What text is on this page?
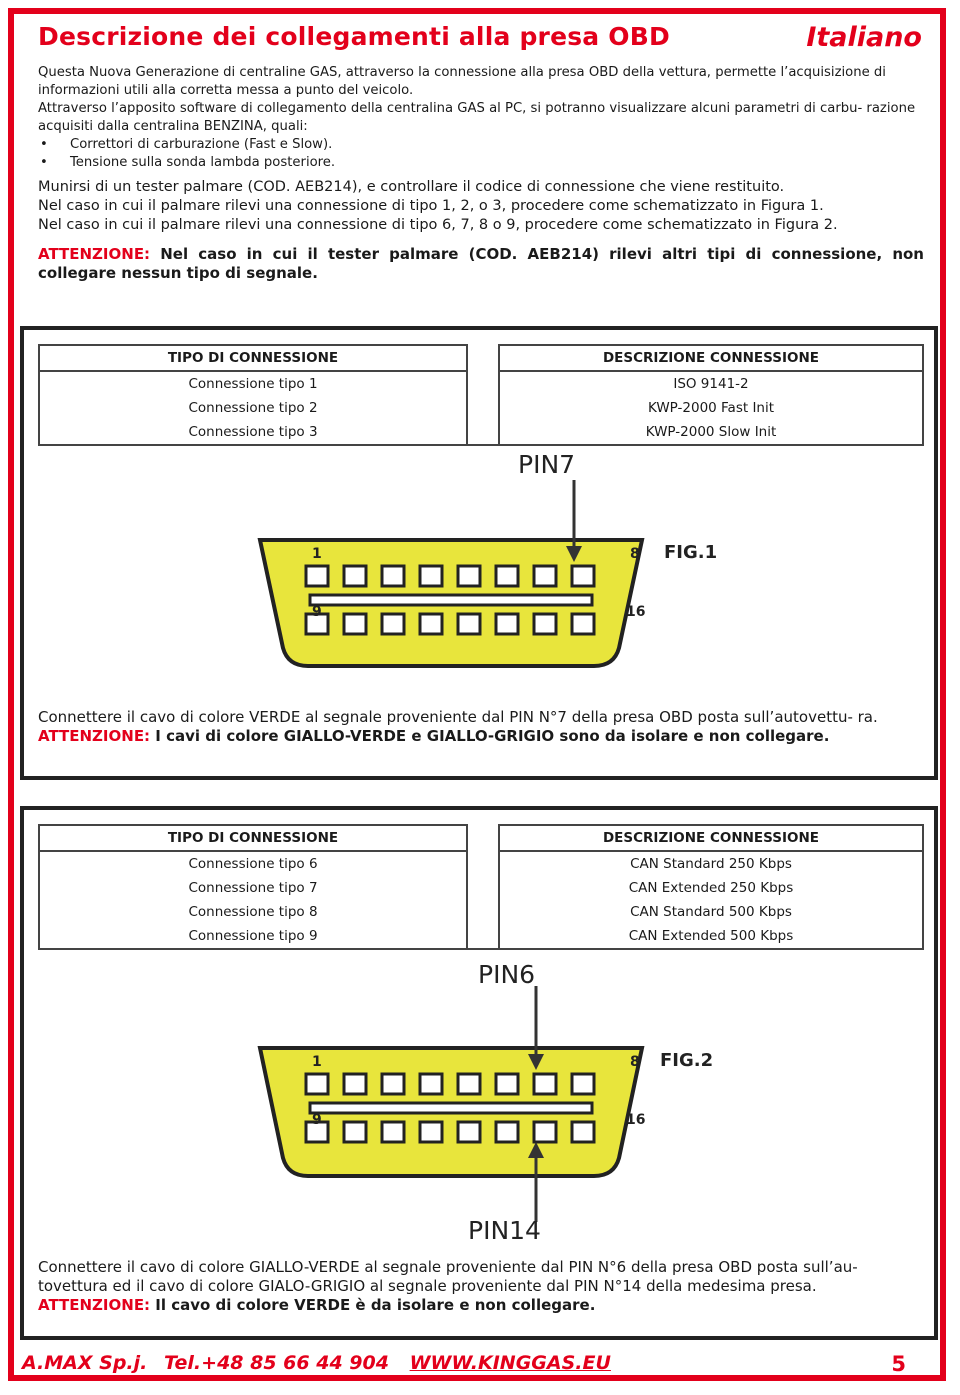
Descrizione dei collegamenti alla presa OBD	Italiano

Questa Nuova Generazione di centraline GAS, attraverso la connessione alla presa OBD della vettura, permette l’acquisizione di informazioni utili alla corretta messa a punto del veicolo.

Attraverso l’apposito software di collegamento della centralina GAS al PC, si potranno visualizzare alcuni parametri di carbu- razione acquisiti dalla centralina BENZINA, quali:

• Correttori di carburazione (Fast e Slow).
• Tensione sulla sonda lambda posteriore.

Munirsi di un tester palmare (COD. AEB214), e controllare il codice di connessione che viene restituito.

Nel caso in cui il palmare rilevi una connessione di tipo 1, 2, o 3, procedere come schematizzato in Figura 1.

Nel caso in cui il palmare rilevi una connessione di tipo 6, 7, 8 o 9, procedere come schematizzato in Figura 2.

ATTENZIONE: Nel caso in cui il tester palmare (COD. AEB214) rilevi altri tipi di connessione, non collegare nessun tipo di segnale.

TIPO DI CONNESSIONE		DESCRIZIONE CONNESSIONE
Connessione tipo 1		ISO 9141-2
Connessione tipo 2		KWP-2000 Fast Init
Connessione tipo 3		KWP-2000 Slow Init
PIN7
FIG.1
1	8
9	16

Connettere il cavo di colore VERDE al segnale proveniente dal PIN N°7 della presa OBD posta sull’autovettu- ra.

ATTENZIONE: I cavi di colore GIALLO-VERDE e GIALLO-GRIGIO sono da isolare e non collegare.

TIPO DI CONNESSIONE		DESCRIZIONE CONNESSIONE
Connessione tipo 6		CAN Standard 250 Kbps
Connessione tipo 7		CAN Extended 250 Kbps
Connessione tipo 8		CAN Standard 500 Kbps
Connessione tipo 9		CAN Extended 500 Kbps
PIN6
FIG.2
1	8
9	16
PIN14

Connettere il cavo di colore GIALLO-VERDE al segnale proveniente dal PIN N°6 della presa OBD posta sull’au- tovettura ed il cavo di colore GIALO-GRIGIO al segnale proveniente dal PIN N°14 della medesima presa.

ATTENZIONE: Il cavo di colore VERDE è da isolare e non collegare.

A.MAX Sp.j. Tel.+48 85 66 44 904 WWW.KINGGAS.EU	5
